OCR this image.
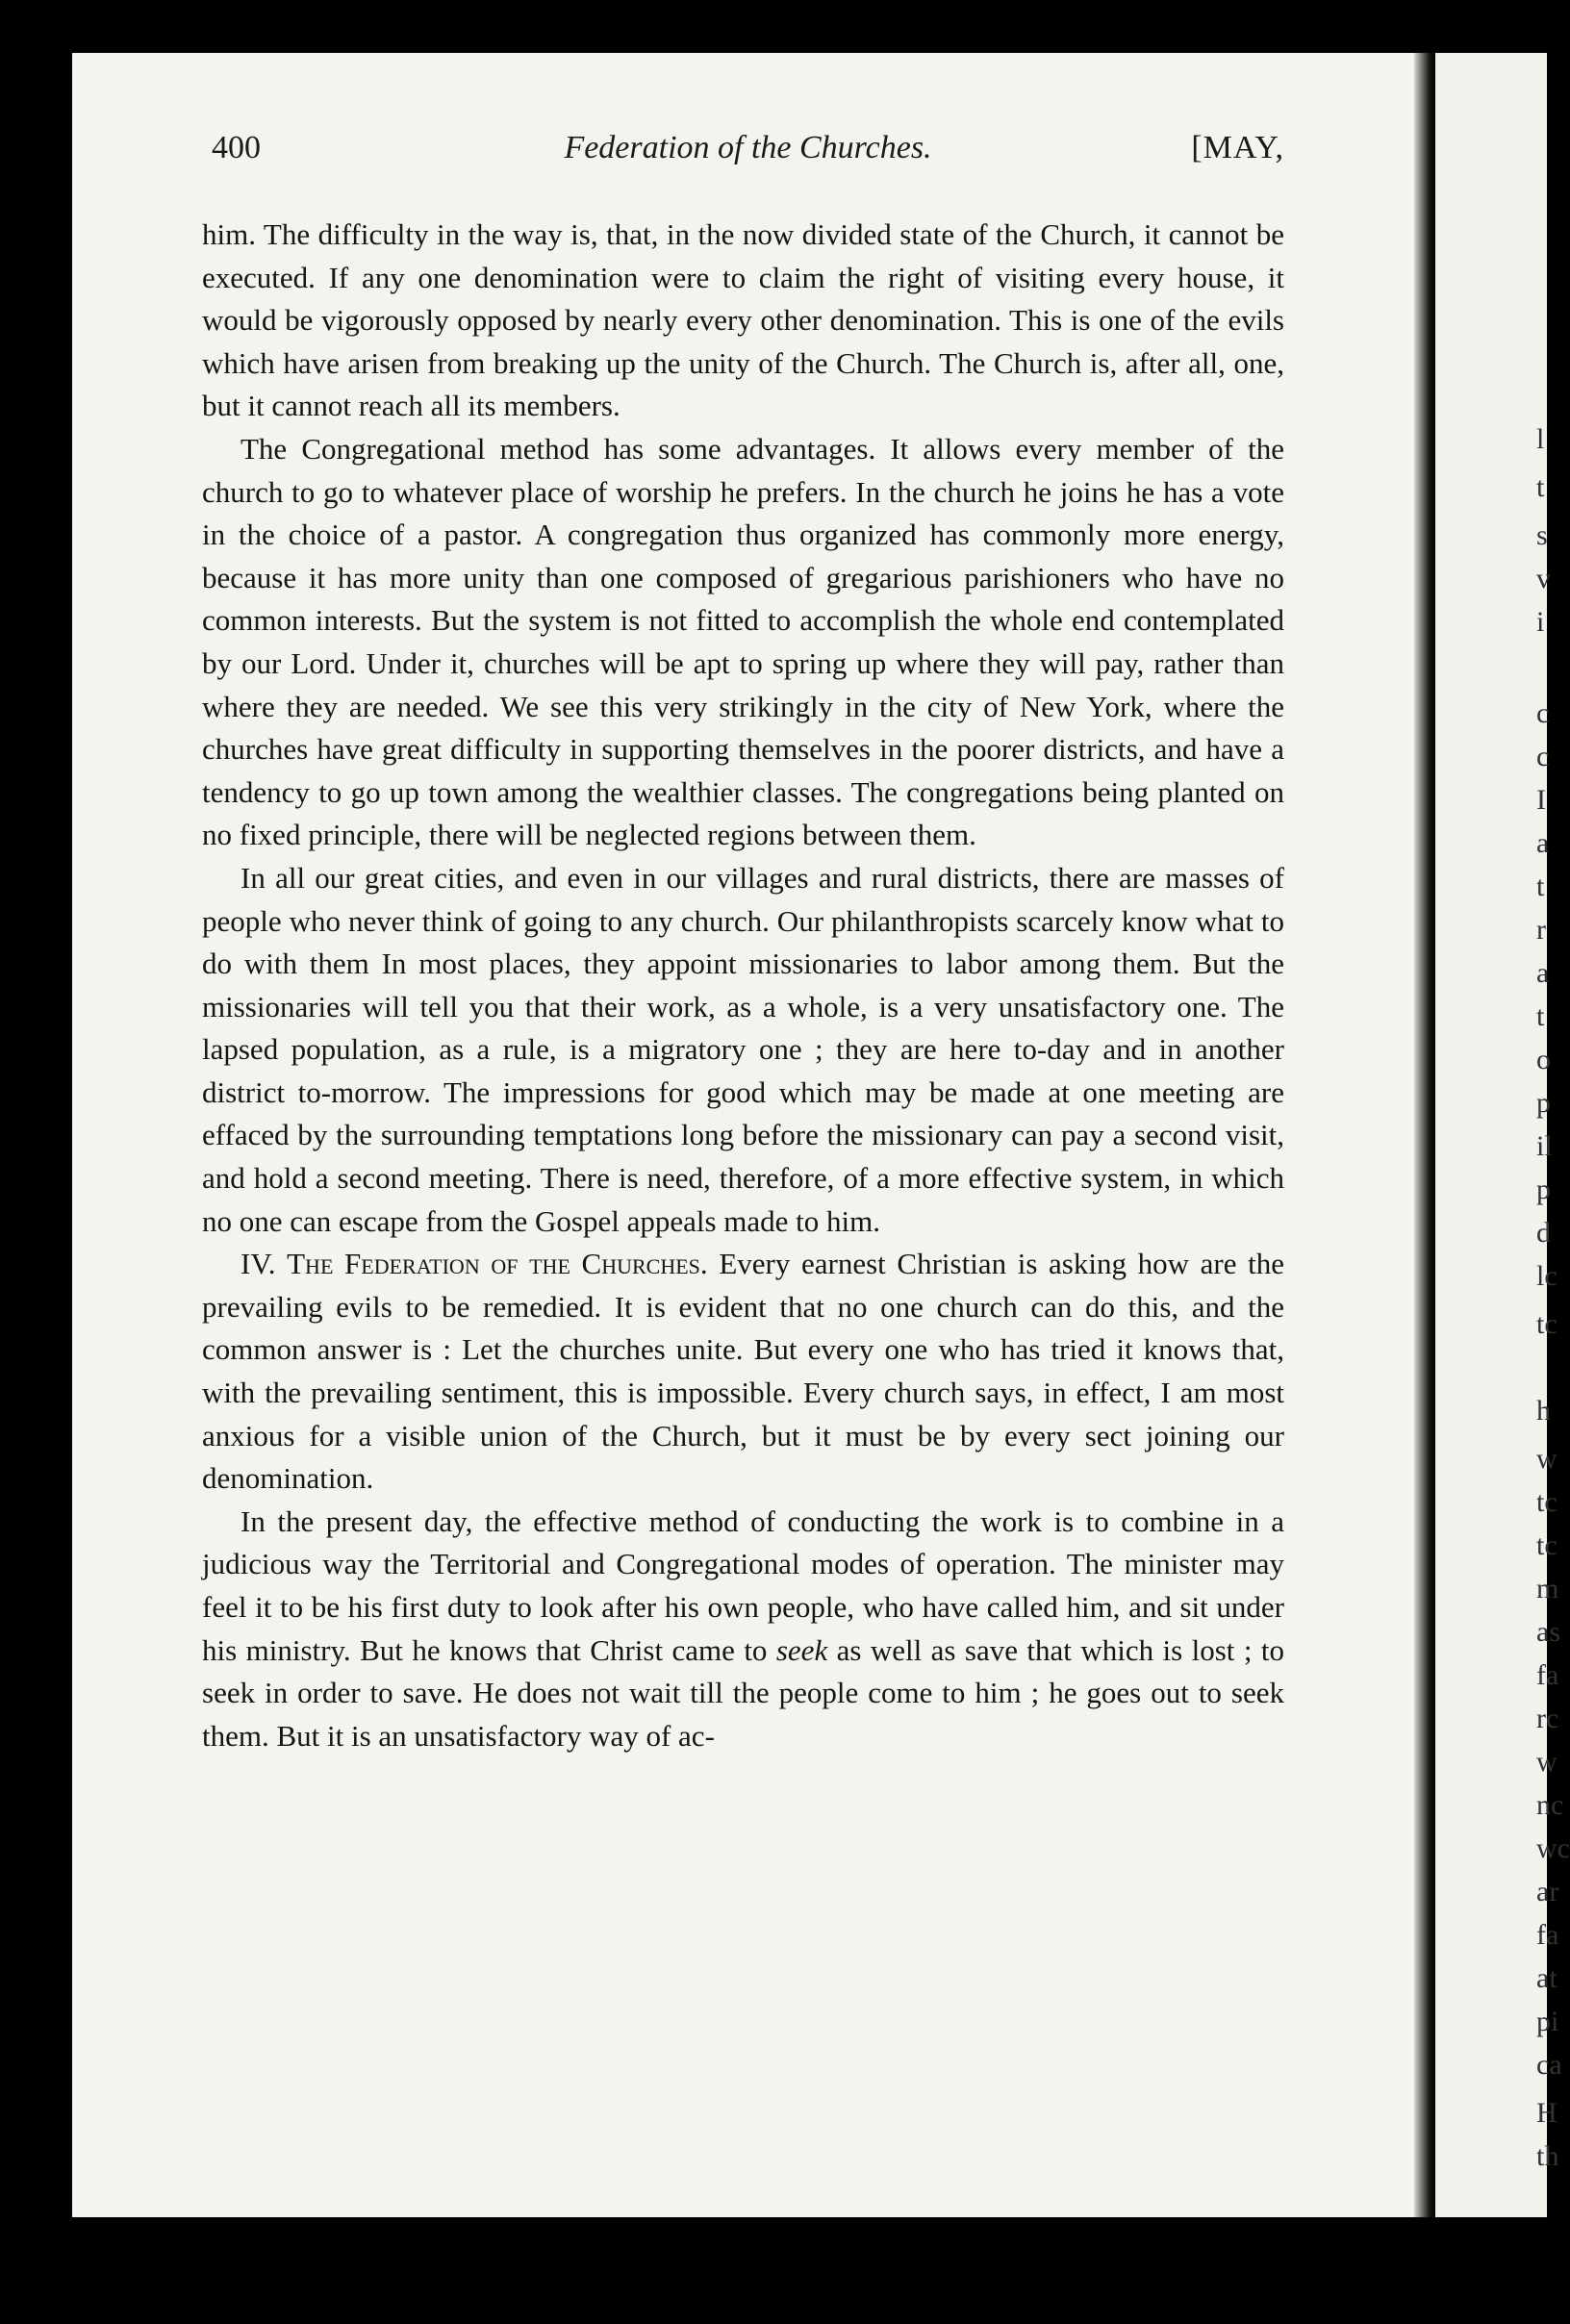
400	Federation of the Churches.	[MAY,

him. The difficulty in the way is, that, in the now divided state of the Church, it cannot be executed. If any one denomination were to claim the right of visiting every house, it would be vigorously opposed by nearly every other denomination. This is one of the evils which have arisen from breaking up the unity of the Church. The Church is, after all, one, but it cannot reach all its members.

The Congregational method has some advantages. It allows every member of the church to go to whatever place of worship he prefers. In the church he joins he has a vote in the choice of a pastor. A congregation thus organized has commonly more energy, because it has more unity than one composed of gregarious parishioners who have no common interests. But the system is not fitted to accomplish the whole end contemplated by our Lord. Under it, churches will be apt to spring up where they will pay, rather than where they are needed. We see this very strikingly in the city of New York, where the churches have great difficulty in supporting themselves in the poorer districts, and have a tendency to go up town among the wealthier classes. The congregations being planted on no fixed principle, there will be neglected regions between them.

In all our great cities, and even in our villages and rural districts, there are masses of people who never think of going to any church. Our philanthropists scarcely know what to do with them In most places, they appoint missionaries to labor among them. But the missionaries will tell you that their work, as a whole, is a very unsatisfactory one. The lapsed population, as a rule, is a migratory one ; they are here to-day and in another district to-morrow. The impressions for good which may be made at one meeting are effaced by the surrounding temptations long before the missionary can pay a second visit, and hold a second meeting. There is need, therefore, of a more effective system, in which no one can escape from the Gospel appeals made to him.

IV. The Federation of the Churches. Every earnest Christian is asking how are the prevailing evils to be remedied. It is evident that no one church can do this, and the common answer is : Let the churches unite. But every one who has tried it knows that, with the prevailing sentiment, this is impossible. Every church says, in effect, I am most anxious for a visible union of the Church, but it must be by every sect joining our denomination.

In the present day, the effective method of conducting the work is to combine in a judicious way the Territorial and Congregational modes of operation. The minister may feel it to be his first duty to look after his own people, who have called him, and sit under his ministry. But he knows that Christ came to seek as well as save that which is lost ; to seek in order to save. He does not wait till the people come to him ; he goes out to seek them. But it is an unsatisfactory way of ac-

l
t
s
v
i
c
c
I
a
t
r
a
t
o
p
il
p
d
lc
tc
h
w
tc
tc
m
as
fa
rc
w
nc
wc
ar
fa
at
pi
ca
H
th
